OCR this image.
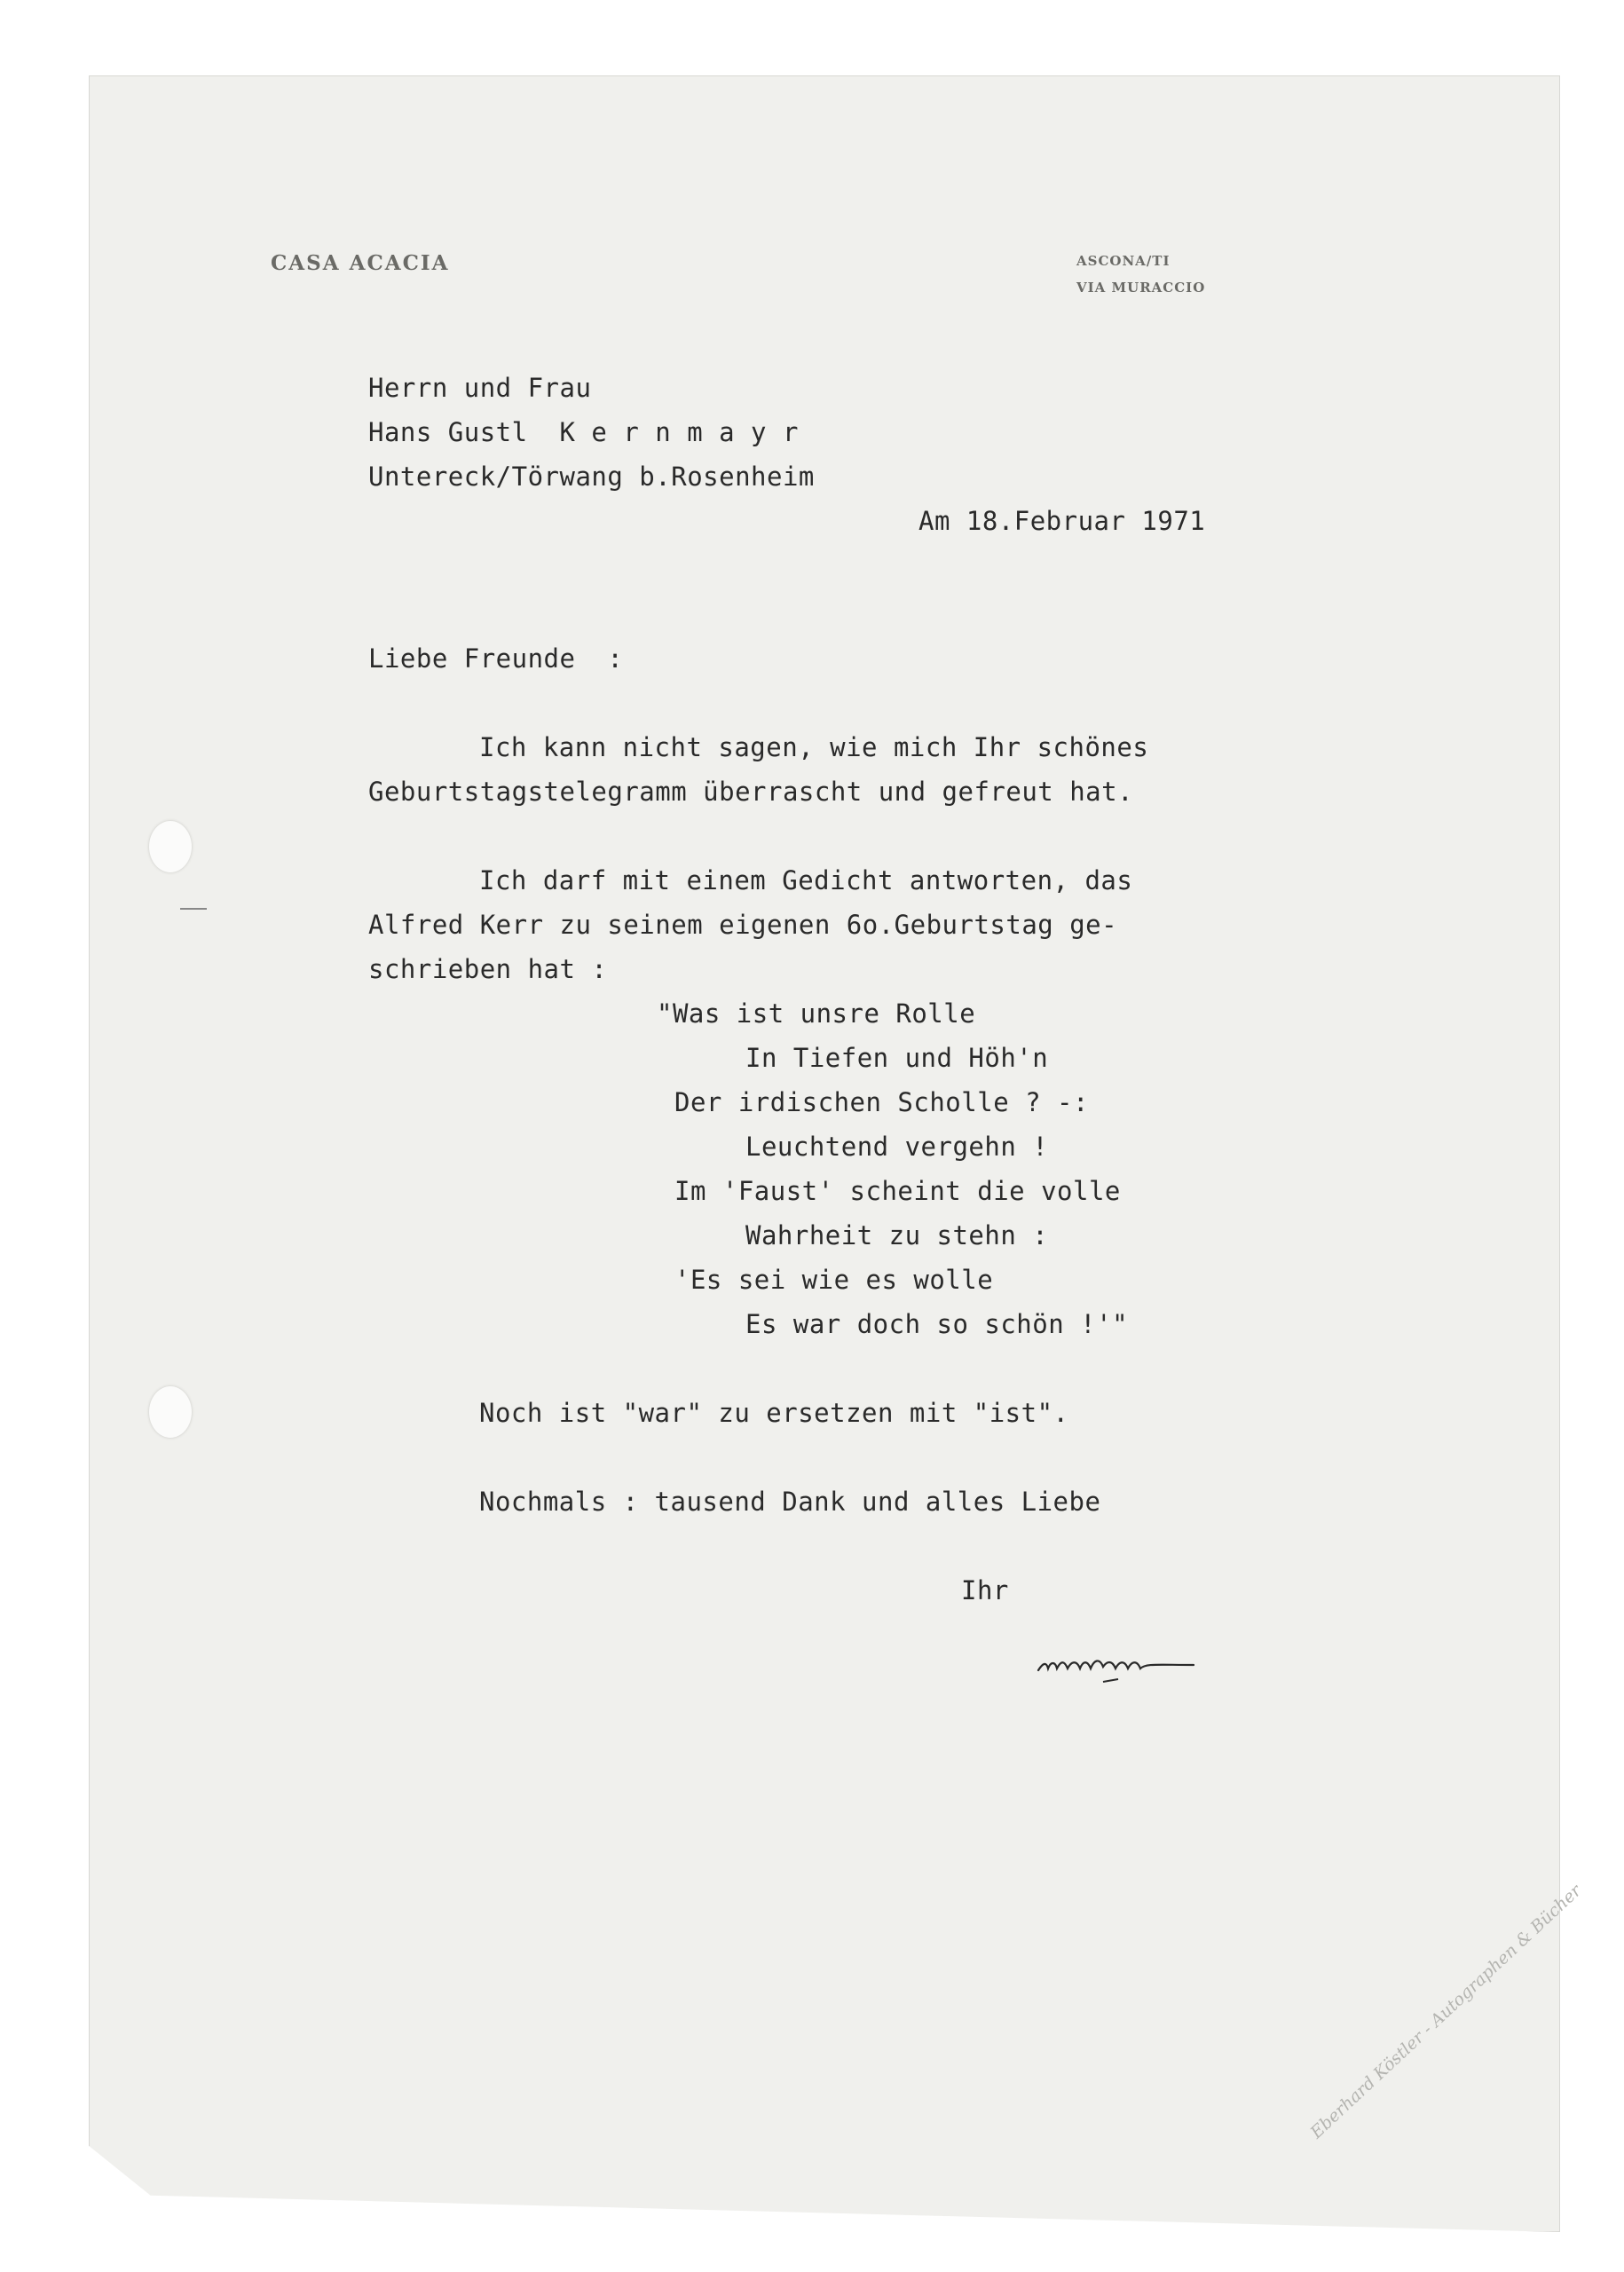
CASA ACACIA	ASCONA/TI
VIA MURACCIO
Herrn und Frau
Hans Gustl  K e r n m a y r
Untereck/Törwang b.Rosenheim
Am 18.Februar 1971
Liebe Freunde  :
Ich kann nicht sagen, wie mich Ihr schönes
Geburtstagstelegramm überrascht und gefreut hat.
Ich darf mit einem Gedicht antworten, das
Alfred Kerr zu seinem eigenen 6o.Geburtstag ge-
schrieben hat :
"Was ist unsre Rolle
In Tiefen und Höh'n
Der irdischen Scholle ? -:
Leuchtend vergehn !
Im 'Faust' scheint die volle
Wahrheit zu stehn :
'Es sei wie es wolle
Es war doch so schön !'"
Noch ist "war" zu ersetzen mit "ist".
Nochmals : tausend Dank und alles Liebe
Ihr
Eberhard Köstler - Autographen & Bücher
